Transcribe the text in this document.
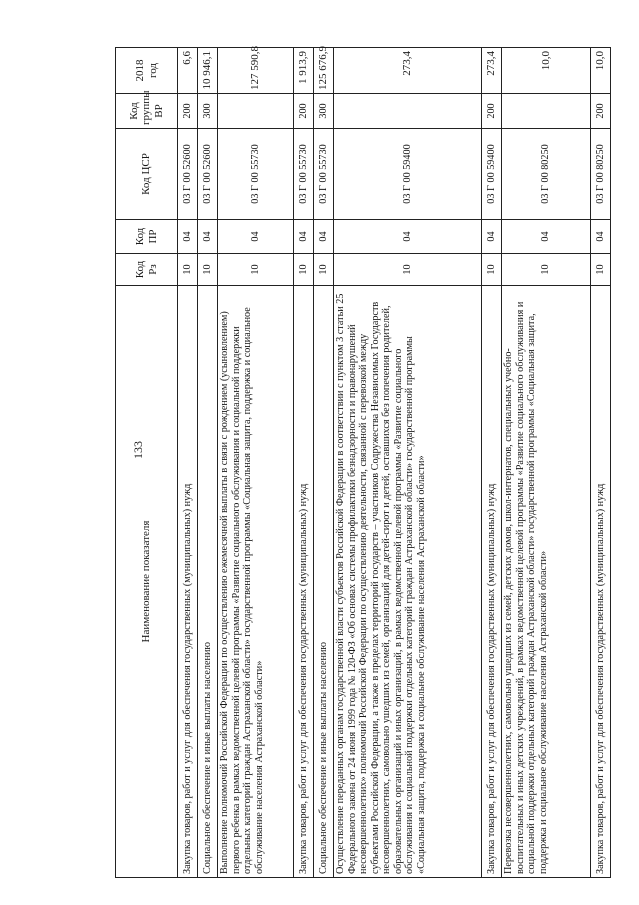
133
Наименование показателя	Код Рз	Код ПР	Код ЦСР	Код группы ВР	2018 год
Закупка товаров, работ и услуг для обеспечения государственных (муниципальных) нужд	10	04	03 Г 00 52600	200	6,6
Социальное обеспечение и иные выплаты населению	10	04	03 Г 00 52600	300	10 946,1
Выполнение полномочий Российской Федерации по осуществлению ежемесячной выплаты в связи с рождением (усыновлением) первого ребенка в рамках ведомственной целевой программы «Развитие социального обслуживания и социальной поддержки отдельных категорий граждан Астраханской области» государственной программы «Социальная защита, поддержка и социальное обслуживание населения Астраханской области»	10	04	03 Г 00 55730		127 590,8
Закупка товаров, работ и услуг для обеспечения государственных (муниципальных) нужд	10	04	03 Г 00 55730	200	1 913,9
Социальное обеспечение и иные выплаты населению	10	04	03 Г 00 55730	300	125 676,9
Осуществление переданных органам государственной власти субъектов Российской Федерации в соответствии с пунктом 3 статьи 25 Федерального закона от 24 июня 1999 года № 120-ФЗ «Об основах системы профилактики безнадзорности и правонарушений несовершеннолетних» полномочий Российской Федерации по осуществлению деятельности, связанной с перевозкой между субъектами Российской Федерации, а также в пределах территорий государств – участников Содружества Независимых Государств несовершеннолетних, самовольно ушедших из семей, организаций для детей-сирот и детей, оставшихся без попечения родителей, образовательных организаций и иных организаций, в рамках ведомственной целевой программы «Развитие социального обслуживания и социальной поддержки отдельных категорий граждан Астраханской области» государственной программы «Социальная защита, поддержка и социальное обслуживание населения Астраханской области»	10	04	03 Г 00 59400		273,4
Закупка товаров, работ и услуг для обеспечения государственных (муниципальных) нужд	10	04	03 Г 00 59400	200	273,4
Перевозка несовершеннолетних, самовольно ушедших из семей, детских домов, школ-интернатов, специальных учебно-воспитательных и иных детских учреждений, в рамках ведомственной целевой программы «Развитие социального обслуживания и социальной поддержки отдельных категорий граждан Астраханской области» государственной программы «Социальная защита, поддержка и социальное обслуживание населения Астраханской области»	10	04	03 Г 00 80250		10,0
Закупка товаров, работ и услуг для обеспечения государственных (муниципальных) нужд	10	04	03 Г 00 80250	200	10,0
